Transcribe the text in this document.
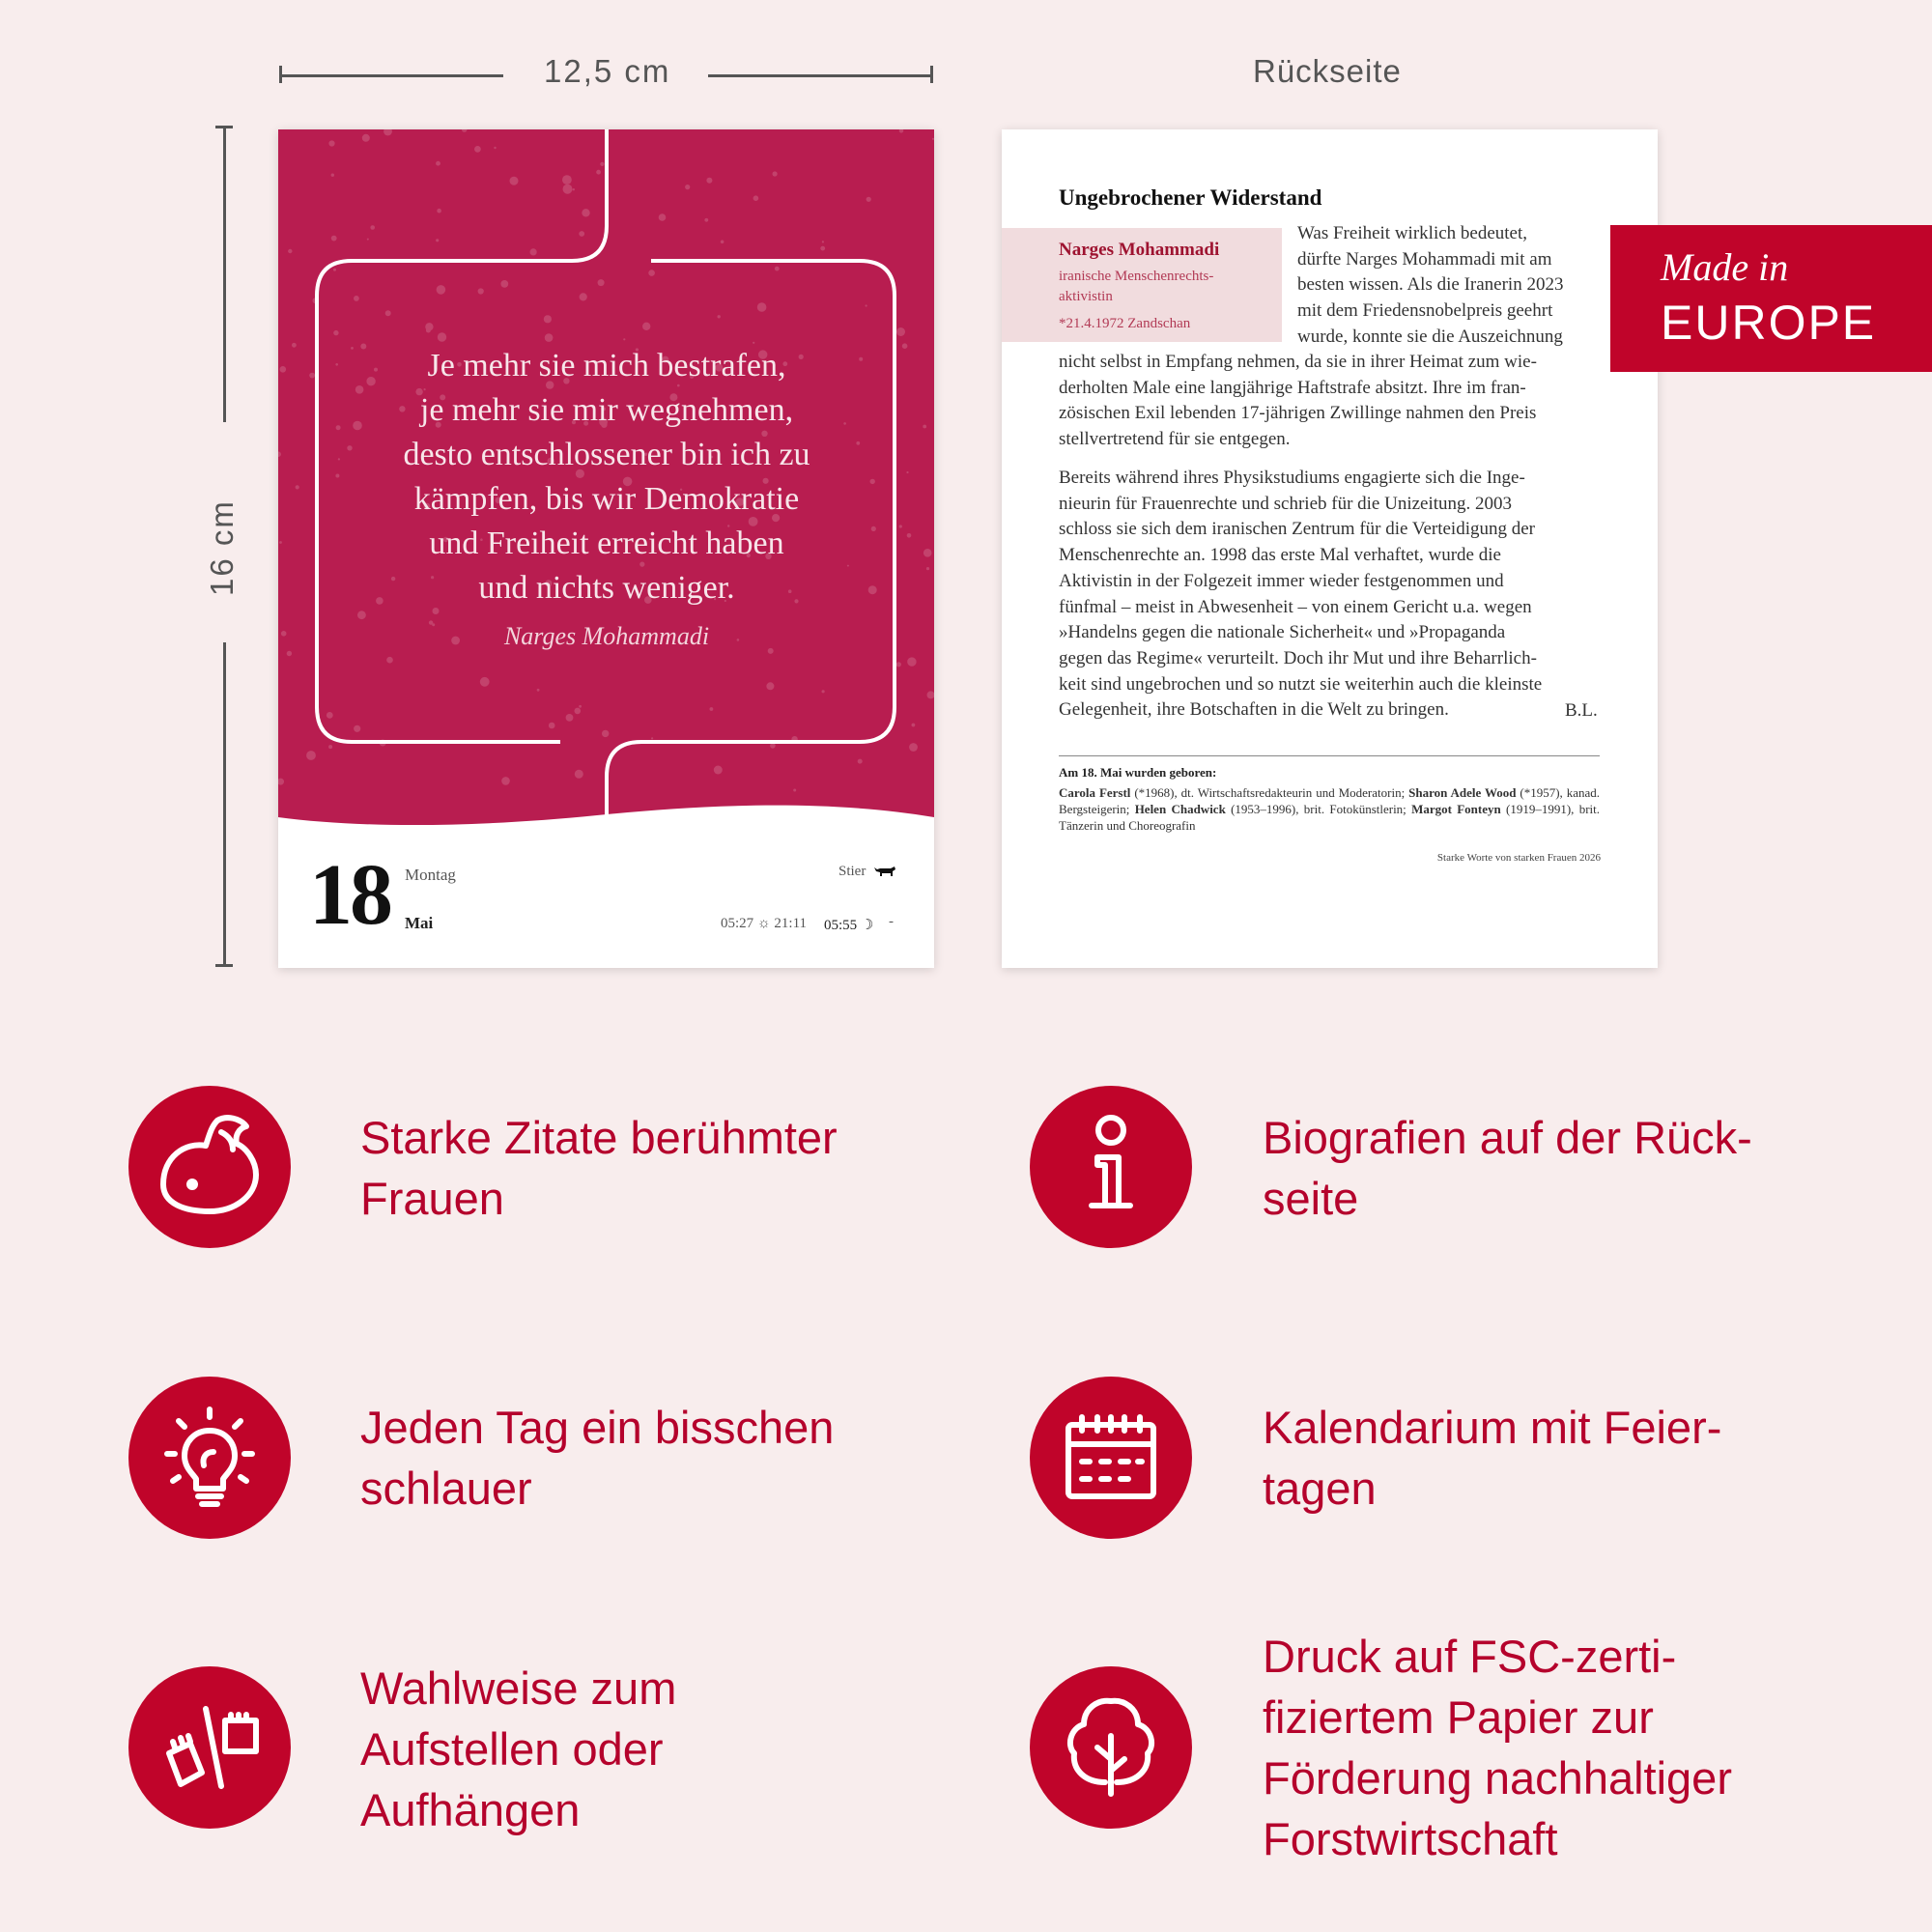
12,5 cm
16 cm
Rückseite
Je mehr sie mich bestrafen,
je mehr sie mir wegnehmen,
desto entschlossener bin ich zu
kämpfen, bis wir Demokratie
und Freiheit erreicht haben
und nichts weniger.
Narges Mohammadi
18 Montag
Mai
Stier
05:27 ☼ 21:11 05:55 ☽ -
Ungebrochener Widerstand
Narges Mohammadi
iranische Menschenrechts-
aktivistin
*21.4.1972 Zandschan
Was Freiheit wirklich bedeutet,
dürfte Narges Mohammadi mit am
besten wissen. Als die Iranerin 2023
mit dem Friedensnobelpreis geehrt
wurde, konnte sie die Auszeichnung
nicht selbst in Empfang nehmen, da sie in ihrer Heimat zum wie-
derholten Male eine langjährige Haftstrafe absitzt. Ihre im fran-
zösischen Exil lebenden 17-jährigen Zwillinge nahmen den Preis
stellvertretend für sie entgegen.
Bereits während ihres Physikstudiums engagierte sich die Inge-
nieurin für Frauenrechte und schrieb für die Unizeitung. 2003
schloss sie sich dem iranischen Zentrum für die Verteidigung der
Menschenrechte an. 1998 das erste Mal verhaftet, wurde die
Aktivistin in der Folgezeit immer wieder festgenommen und
fünfmal – meist in Abwesenheit – von einem Gericht u.a. wegen
»Handelns gegen die nationale Sicherheit« und »Propaganda
gegen das Regime« verurteilt. Doch ihr Mut und ihre Beharrlich-
keit sind ungebrochen und so nutzt sie weiterhin auch die kleinste
Gelegenheit, ihre Botschaften in die Welt zu bringen.	B.L.
Am 18. Mai wurden geboren:
Carola Ferstl (*1968), dt. Wirtschaftsredakteurin und Moderatorin; Sharon Adele Wood (*1957), kanad. Bergsteigerin; Helen Chadwick (1953–1996), brit. Fotokünstlerin; Margot Fonteyn (1919–1991), brit. Tänzerin und Choreografin
Starke Worte von starken Frauen 2026
Made in
EUROPE
Starke Zitate berühmter
Frauen
Biografien auf der Rück-
seite
Jeden Tag ein bisschen
schlauer
Kalendarium mit Feier-
tagen
Wahlweise zum
Aufstellen oder
Aufhängen
Druck auf FSC-zerti-
fiziertem Papier zur
Förderung nachhaltiger
Forstwirtschaft
